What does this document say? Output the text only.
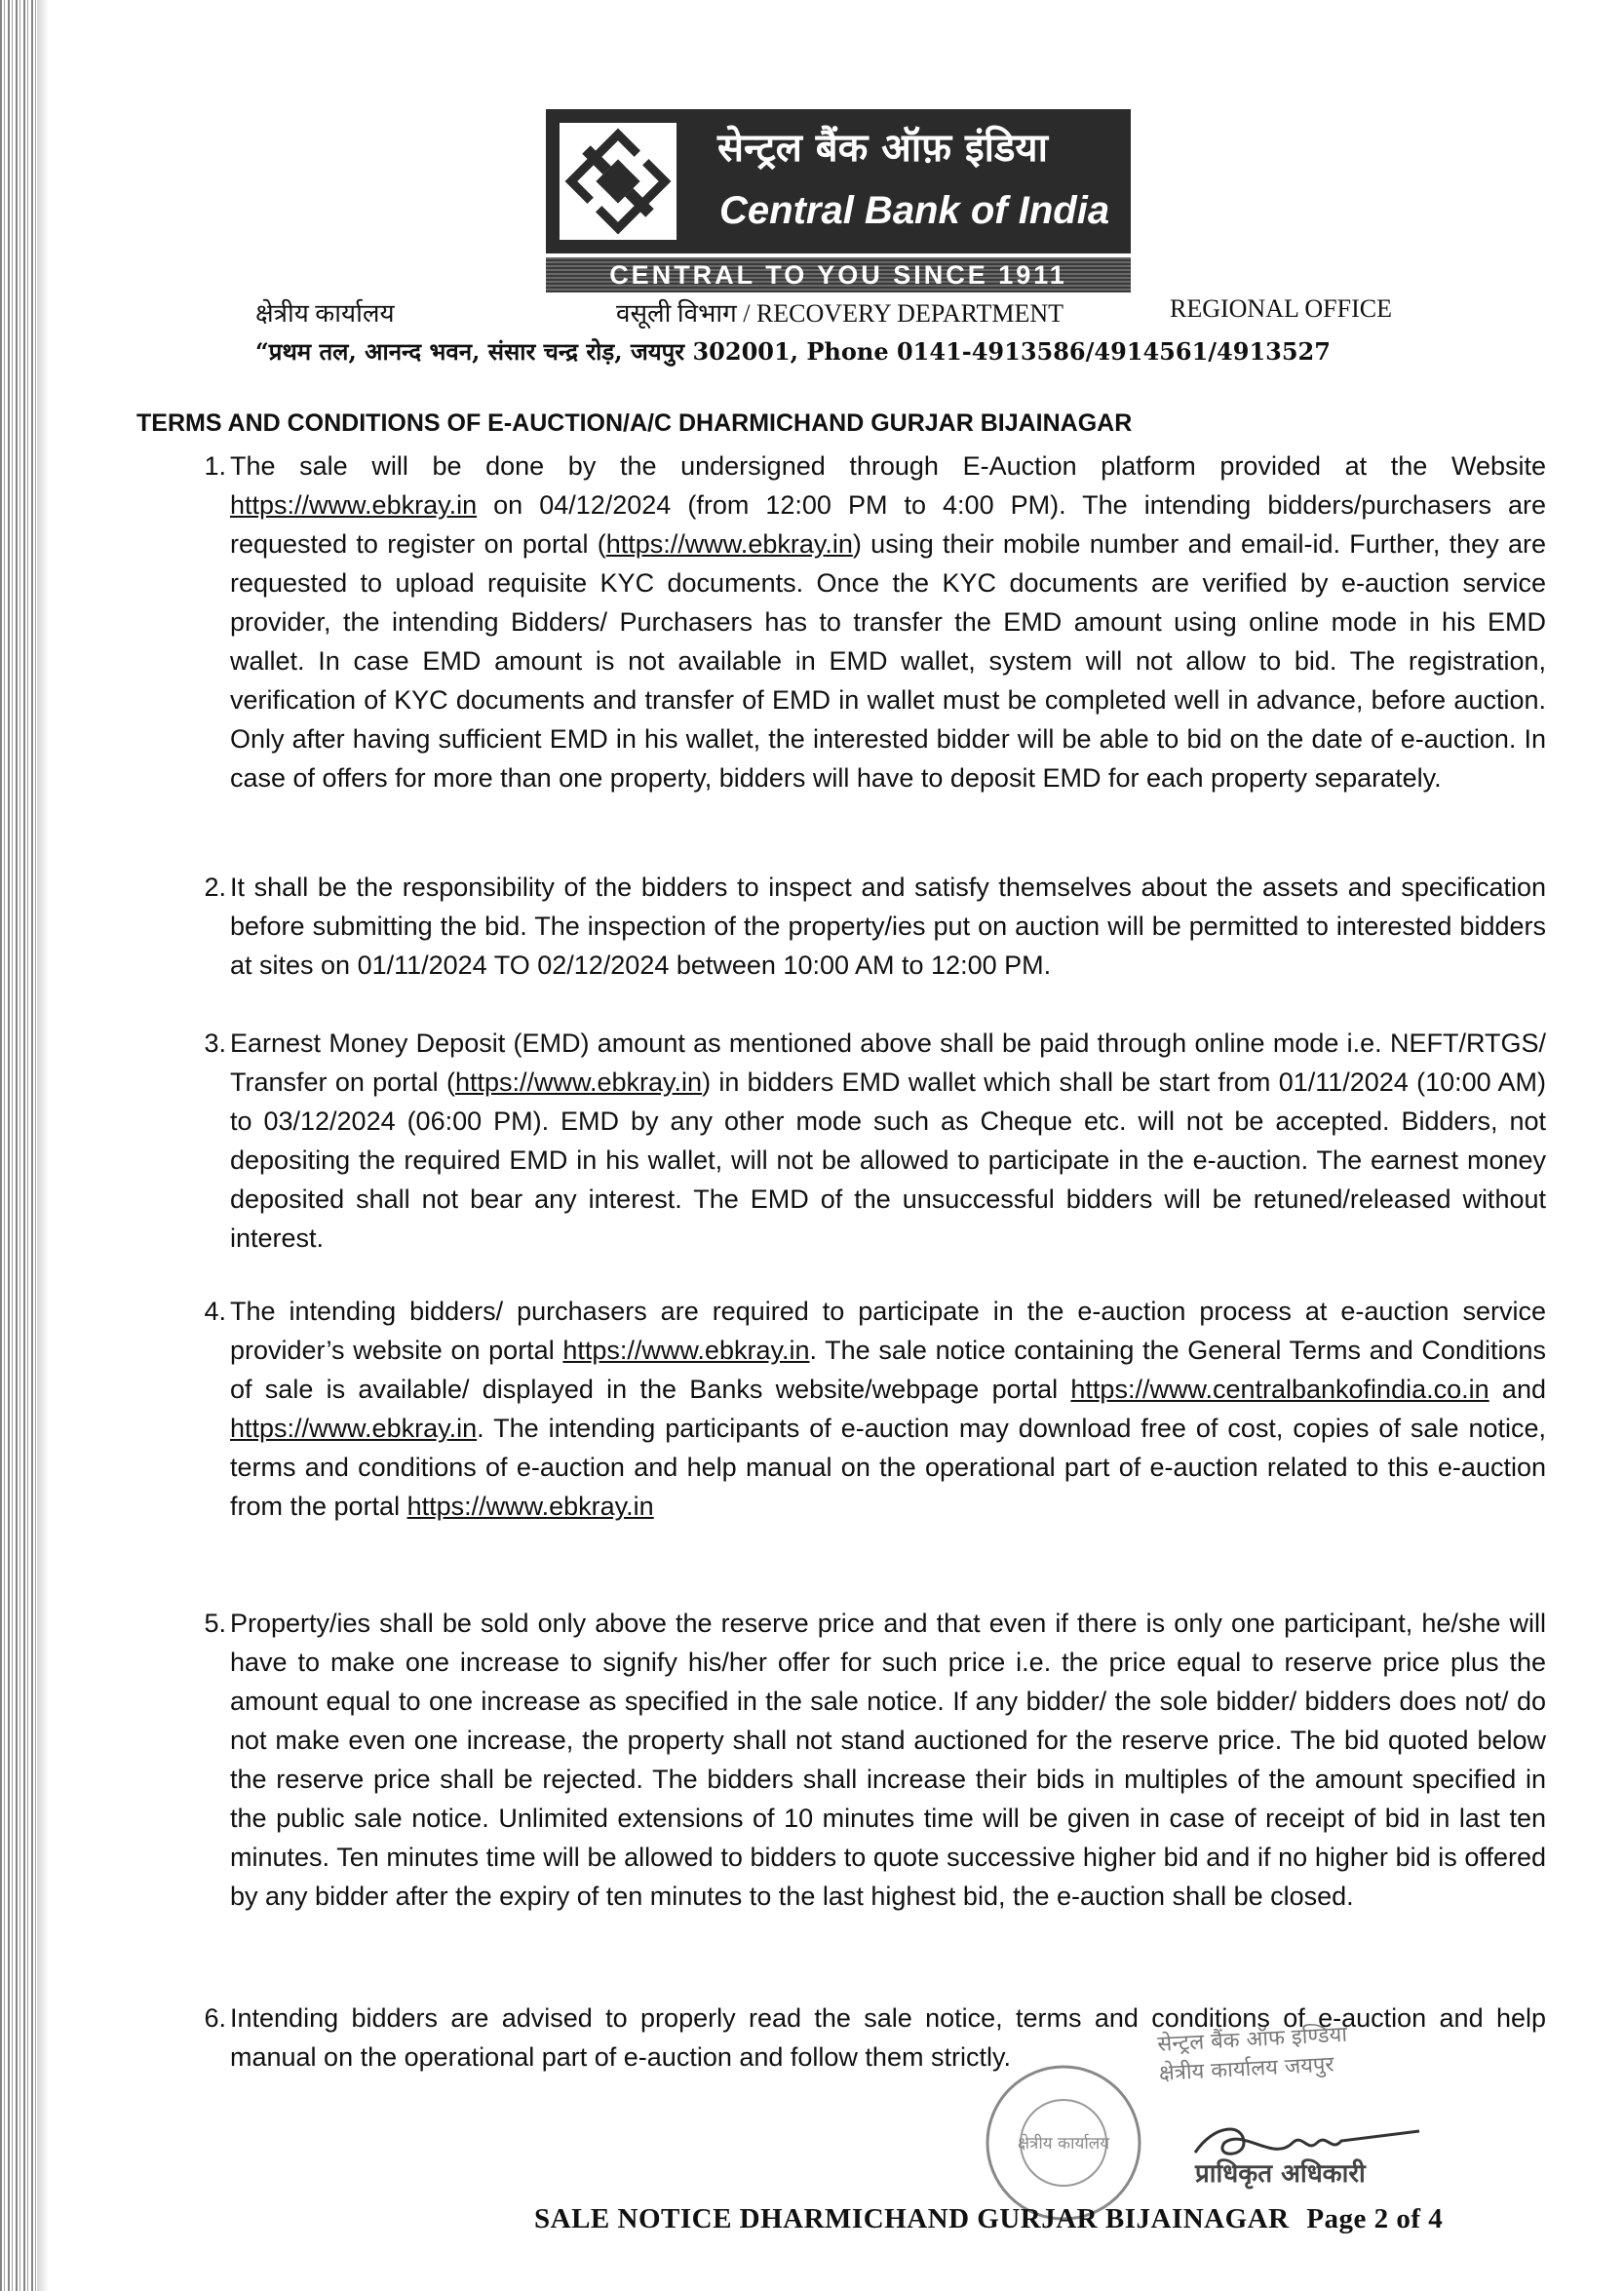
सेन्ट्रल बैंक ऑफ़ इंडिया
Central Bank of India
CENTRAL TO YOU SINCE 1911
क्षेत्रीय कार्यालय	वसूली विभाग / RECOVERY DEPARTMENT	REGIONAL OFFICE
“प्रथम तल, आनन्द भवन, संसार चन्द्र रोड़, जयपुर 302001, Phone 0141-4913586/4914561/4913527
TERMS AND CONDITIONS OF E-AUCTION/A/C DHARMICHAND GURJAR BIJAINAGAR
1. The sale will be done by the undersigned through E-Auction platform provided at the Website https://www.ebkray.in on 04/12/2024 (from 12:00 PM to 4:00 PM). The intending bidders/purchasers are requested to register on portal (https://www.ebkray.in) using their mobile number and email-id. Further, they are requested to upload requisite KYC documents. Once the KYC documents are verified by e-auction service provider, the intending Bidders/ Purchasers has to transfer the EMD amount using online mode in his EMD wallet. In case EMD amount is not available in EMD wallet, system will not allow to bid. The registration, verification of KYC documents and transfer of EMD in wallet must be completed well in advance, before auction. Only after having sufficient EMD in his wallet, the interested bidder will be able to bid on the date of e-auction. In case of offers for more than one property, bidders will have to deposit EMD for each property separately.
2. It shall be the responsibility of the bidders to inspect and satisfy themselves about the assets and specification before submitting the bid. The inspection of the property/ies put on auction will be permitted to interested bidders at sites on 01/11/2024 TO 02/12/2024 between 10:00 AM to 12:00 PM.
3. Earnest Money Deposit (EMD) amount as mentioned above shall be paid through online mode i.e. NEFT/RTGS/ Transfer on portal (https://www.ebkray.in) in bidders EMD wallet which shall be start from 01/11/2024 (10:00 AM) to 03/12/2024 (06:00 PM). EMD by any other mode such as Cheque etc. will not be accepted. Bidders, not depositing the required EMD in his wallet, will not be allowed to participate in the e-auction. The earnest money deposited shall not bear any interest. The EMD of the unsuccessful bidders will be retuned/released without interest.
4. The intending bidders/ purchasers are required to participate in the e-auction process at e-auction service provider’s website on portal https://www.ebkray.in. The sale notice containing the General Terms and Conditions of sale is available/ displayed in the Banks website/webpage portal https://www.centralbankofindia.co.in and https://www.ebkray.in. The intending participants of e-auction may download free of cost, copies of sale notice, terms and conditions of e-auction and help manual on the operational part of e-auction related to this e-auction from the portal https://www.ebkray.in
5. Property/ies shall be sold only above the reserve price and that even if there is only one participant, he/she will have to make one increase to signify his/her offer for such price i.e. the price equal to reserve price plus the amount equal to one increase as specified in the sale notice. If any bidder/ the sole bidder/ bidders does not/ do not make even one increase, the property shall not stand auctioned for the reserve price. The bid quoted below the reserve price shall be rejected. The bidders shall increase their bids in multiples of the amount specified in the public sale notice. Unlimited extensions of 10 minutes time will be given in case of receipt of bid in last ten minutes. Ten minutes time will be allowed to bidders to quote successive higher bid and if no higher bid is offered by any bidder after the expiry of ten minutes to the last highest bid, the e-auction shall be closed.
6. Intending bidders are advised to properly read the sale notice, terms and conditions of e-auction and help manual on the operational part of e-auction and follow them strictly.
सेन्ट्रल बैंक ऑफ इण्डिया
क्षेत्रीय कार्यालय जयपुर
क्षेत्रीय कार्यालय
प्राधिकृत अधिकारी
SALE NOTICE DHARMICHAND GURJAR BIJAINAGAR Page 2 of 4
